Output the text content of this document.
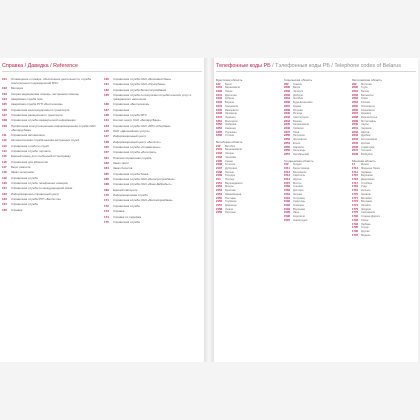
Справка / Даведка / Reference
101	Оповещение о пожаре, обеспечение деятельности, служба спасательных подразделений МЧС
102	Милиция
103	Скорая медицинская помощь, экстренная помощь
104	Аварийная служба газа
105	Аварийная служба РУП «Белтелеком»
106	Справочная железнодорожного транспорта
107	Справочная авиационного транспорта
108	Справочная служба коммерческой информации
109	Профильная консультационная информационная служба ОАО «Беларусбанк»
111	Справочная автовокзала
112	Автоматическая служба вызова экстренных служб
113	Справочная о работе служб
114	Справочная служба торговли
115	Единый номер для сообщений в Горсправку
116	Справочная для абонентов
117	Бюро ремонта
118	Заказ телеграмм
119	Справочная служба
120	Справочная служба телефонных номеров
121	Справочная служба по международной связи
122	Информационно-справочный центр
123	Справочная служба РУП «Белпочта»
124	Справочная служба
125	Справка
130	Справочная служба ОАО «Белинвестбанк»
131	Справочная служба ОАО «Приорбанк»
132	Справочная служба Белагропромбанка
135	Справочная служба по вопросам потребительских услуг и гражданского населения
136	Справочная «Белтелеком»
137	Справочная
138	Справочная служба МТС
141	Контакт-центр ОАО «БеларусБанк»
143	Справочная служба ОАО «БПС-Сбербанк»
145	ОАО «Дальнейшие услуги»
147	Информационный центр
148	Информационный центр «Белстат»
155	Справочная служба «Справочные»
157	Справочная служба «Интеграл»
161	Платная справочная служба
162	Заказ такси
164	Заказ билетов
165	Справочная служба банка
166	Справочная служба ОАО «Белагропромбанк»
168	Справочная служба ОАО «Банк Дабрабыт»
169	Единый call-центр
170	Информационная служба
171	Справочная служба ОАО «Белгазпромбанк»
172	Справочная служба
173	Справка
174	Справка по тарифам
175	Справочная служба
Телефонные коды РБ / Тэлефонныя коды РБ / Telephone codes of Belarus
Брестская область
162	Брест
1631	Барановичи
1632	Пинск
1641	Дрогичин
1642	Кобрин
1643	Береза
1644	Ганцевичи
1645	Ивацевичи
1646	Ляховичи
1647	Лунинец
1651	Малорита
1652	Жабинка
1653	Каменец
1655	Пружаны
1632	Столин
Витебская область
212	Витебск
2131	Бешенковичи
2132	Лепель
2133	Чашники
2135	Сенно
2136	Толочин
2137	Дубровно
2138	Лиозно
2139	Городок
214	Полоцк
2151	Верхнедвинск
2152	Миоры
2153	Браслав
2154	Шарковщина
2155	Поставы
2156	Глубокое
2157	Докшицы
2158	Ушачи
2159	Россоны
Гомельская область
232	Гомель
2330	Ветка
2332	Чечерск
2333	Добруш
2334	Жлобин
2336	Буда-Кошелёво
2337	Корма
2339	Рогачёв
2340	Речица
2342	Светлогорск
2344	Брагин
2345	Калинковичи
2346	Хойники
2347	Лоев
2350	Петриков
2353	Житковичи
2354	Ельск
2355	Наровля
2356	Лельчицы
2357	Октябрьский
Гродненская область
152	Гродно
1511	Берестовица
1512	Волковыск
1513	Свислочь
1514	Щучин
1515	Мосты
1562	Слоним
1563	Дятлово
1564	Зельва
1591	Островец
1592	Сморгонь
1593	Ошмяны
1594	Вороново
1595	Ивье
1596	Кореличи
1597	Новогрудок
Могилевская область
222	Могилев
2230	Глуск
2231	Быхов
2232	Белыничи
2233	Горки
2234	Кличев
2235	Осиповичи
2236	Климовичи
2237	Кировск
2238	Краснополье
2239	Мстиславль
2240	Чаусы
2241	Чериков
2242	Шклов
2243	Дрибин
2244	Костюковичи
2245	Кричев
2246	Славгород
2247	Хотимск
2248	Бобруйск
Минская область
17	Минск
1713	Марьина Горка
1714	Червень
1715	Березино
1716	Дзержинск
1717	Столбцы
1718	Узда
1719	Копыль
1770	Несвиж
1771	Вилейка
1772	Воложин
1774	Логойск
1775	Жодино
1776	Смолевичи
1792	Старые Дороги
1793	Клецк
1794	Любань
1795	Слуцк
1796	Крупки
1797	Мядель
